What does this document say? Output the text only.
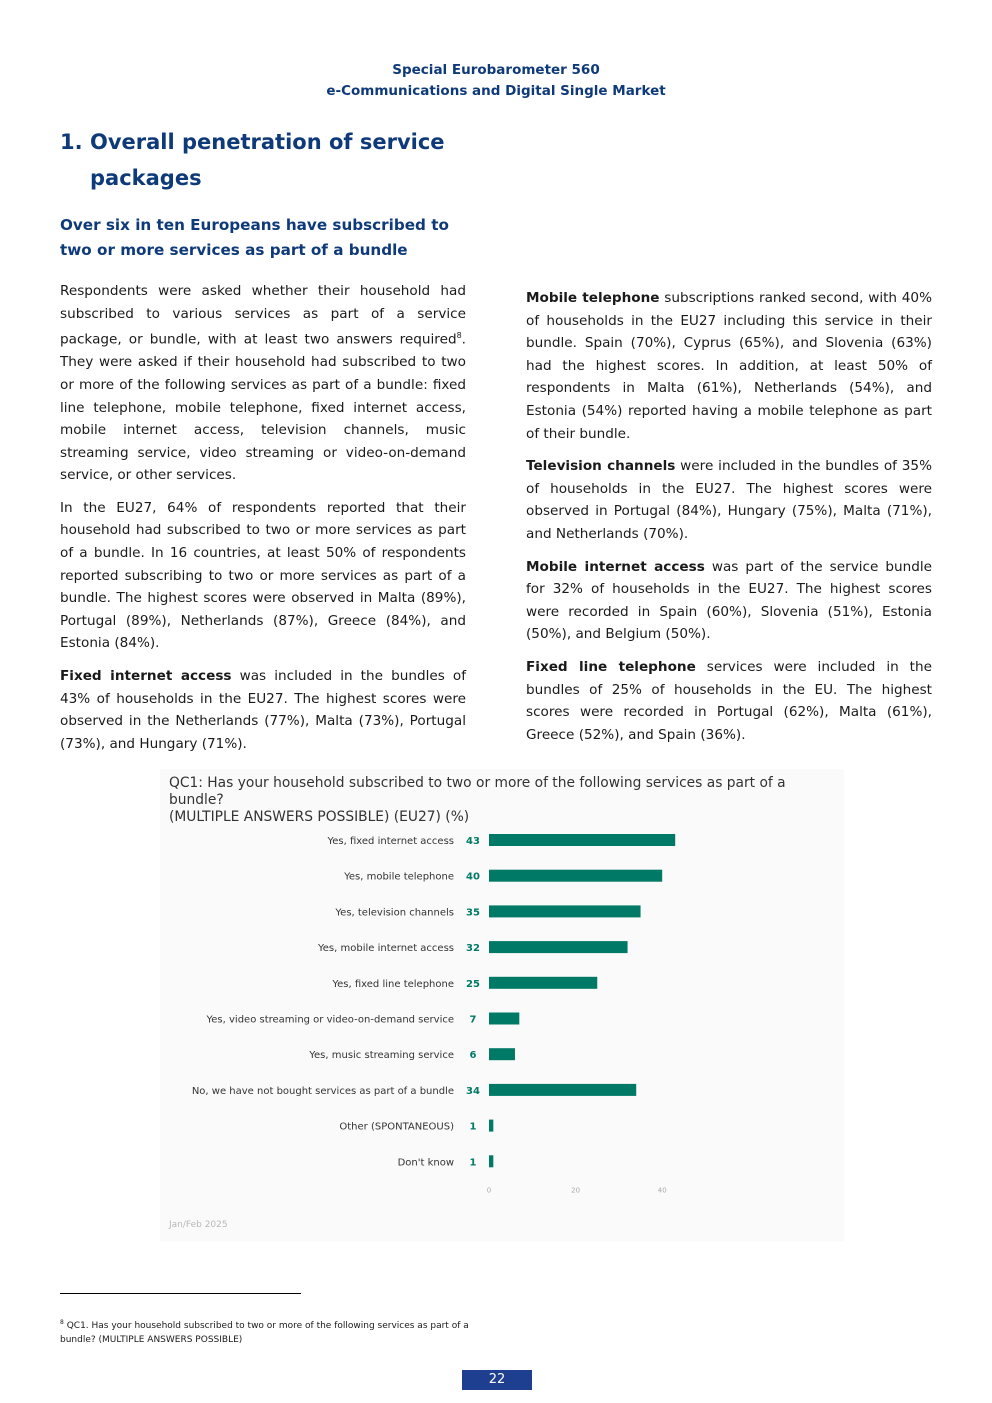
Special Eurobarometer 560
e-Communications and Digital Single Market
1. Overall penetration of service packages
Over six in ten Europeans have subscribed to two or more services as part of a bundle

Respondents were asked whether their household had subscribed to various services as part of a service package, or bundle, with at least two answers required$^8$. They were asked if their household had subscribed to two or more of the following services as part of a bundle: fixed line telephone, mobile telephone, fixed internet access, mobile internet access, television channels, music streaming service, video streaming or video-on-demand service, or other services.

In the EU27, 64% of respondents reported that their household had subscribed to two or more services as part of a bundle. In 16 countries, at least 50% of respondents reported subscribing to two or more services as part of a bundle. The highest scores were observed in Malta (89%), Portugal (89%), Netherlands (87%), Greece (84%), and Estonia (84%).

Fixed internet access was included in the bundles of 43% of households in the EU27. The highest scores were observed in the Netherlands (77%), Malta (73%), Portugal (73%), and Hungary (71%).

Mobile telephone subscriptions ranked second, with 40% of households in the EU27 including this service in their bundle. Spain (70%), Cyprus (65%), and Slovenia (63%) had the highest scores. In addition, at least 50% of respondents in Malta (61%), Netherlands (54%), and Estonia (54%) reported having a mobile telephone as part of their bundle.

Television channels were included in the bundles of 35% of households in the EU27. The highest scores were observed in Portugal (84%), Hungary (75%), Malta (71%), and Netherlands (70%).

Mobile internet access was part of the service bundle for 32% of households in the EU27. The highest scores were recorded in Spain (60%), Slovenia (51%), Estonia (50%), and Belgium (50%).

Fixed line telephone services were included in the bundles of 25% of households in the EU. The highest scores were recorded in Portugal (62%), Malta (61%), Greece (52%), and Spain (36%).

QC1: Has your household subscribed to two or more of the following services as part of a bundle?
(MULTIPLE ANSWERS POSSIBLE) (EU27) (%)
Yes, fixed internet access 43
Yes, mobile telephone 40
Yes, television channels 35
Yes, mobile internet access 32
Yes, fixed line telephone 25
Yes, video streaming or video-on-demand service 7
Yes, music streaming service 6
No, we have not bought services as part of a bundle 34
Other (SPONTANEOUS) 1
Don't know 1
0	20	40
Jan/Feb 2025
$^8$ QC1. Has your household subscribed to two or more of the following services as part of a bundle? (MULTIPLE ANSWERS POSSIBLE)
22
